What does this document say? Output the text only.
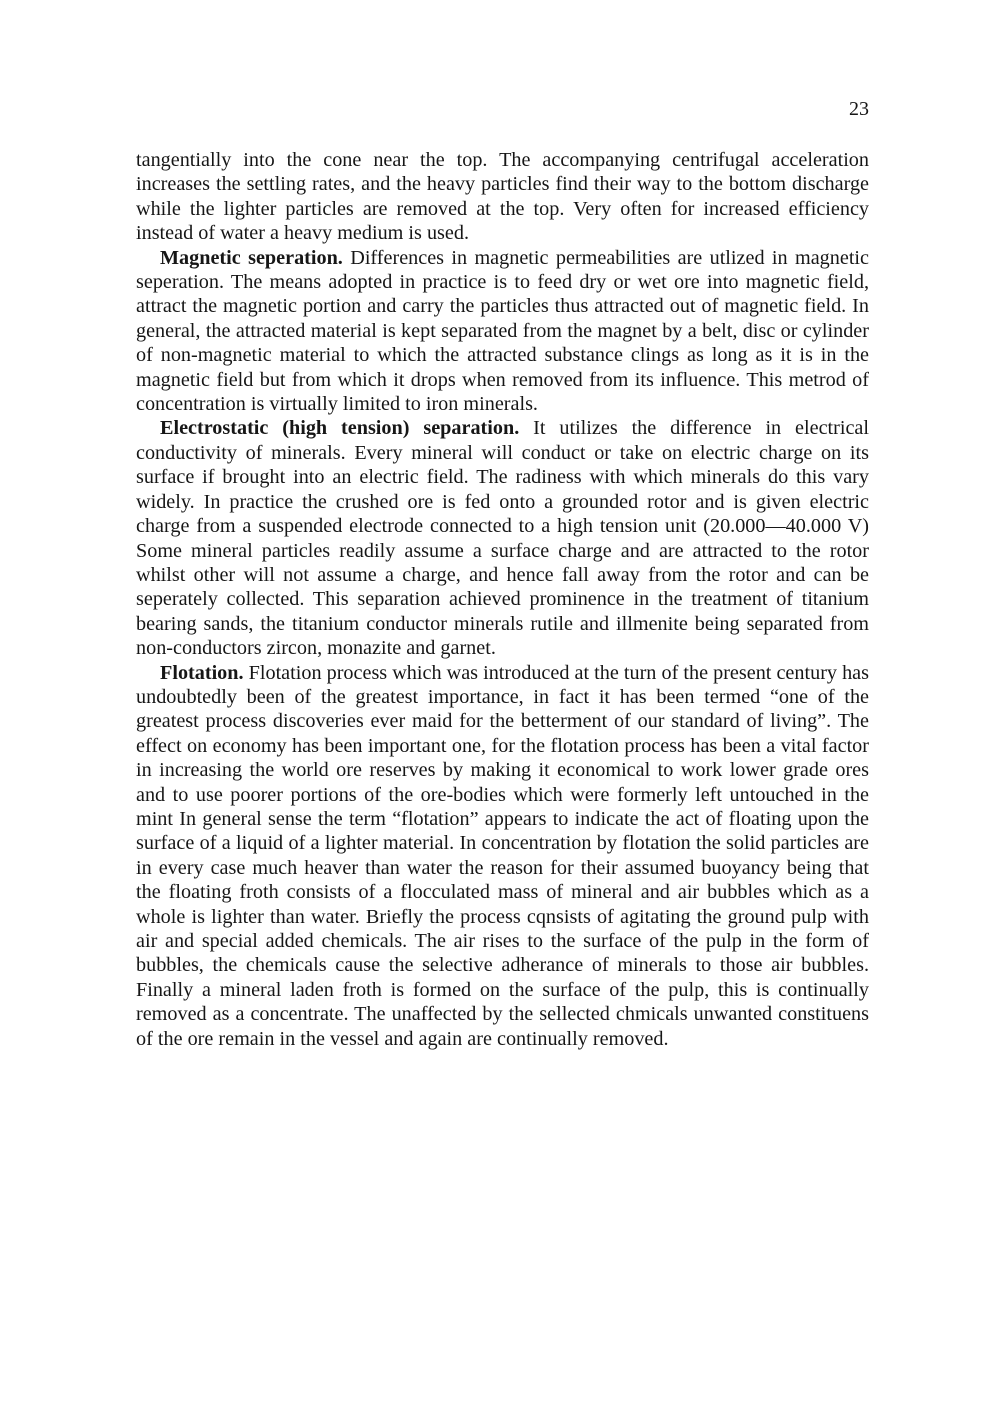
23

tangentially into the cone near the top. The accompanying centrifugal acceleration increases the settling rates, and the heavy particles find their way to the bottom discharge while the lighter particles are removed at the top. Very often for increased efficiency instead of water a heavy medium is used.

Magnetic seperation. Differences in magnetic permeabilities are utlized in magnetic seperation. The means adopted in practice is to feed dry or wet ore into magnetic field, attract the magnetic portion and carry the particles thus attracted out of magnetic field. In general, the attracted material is kept separated from the magnet by a belt, disc or cylinder of non-magnetic material to which the attracted substance clings as long as it is in the magnetic field but from which it drops when removed from its influence. This metrod of concentration is virtually limited to iron minerals.

Electrostatic (high tension) separation. It utilizes the difference in electrical conductivity of minerals. Every mineral will conduct or take on electric charge on its surface if brought into an electric field. The radiness with which minerals do this vary widely. In practice the crushed ore is fed onto a grounded rotor and is given electric charge from a suspended electrode connected to a high tension unit (20.000—40.000 V) Some mineral particles readily assume a surface charge and are attracted to the rotor whilst other will not assume a charge, and hence fall away from the rotor and can be seperately collected. This separation achieved prominence in the treatment of titanium bearing sands, the titanium conductor minerals rutile and illmenite being separated from non-conductors zircon, monazite and garnet.

Flotation. Flotation process which was introduced at the turn of the present century has undoubtedly been of the greatest importance, in fact it has been termed “one of the greatest process discoveries ever maid for the betterment of our standard of living”. The effect on economy has been important one, for the flotation process has been a vital factor in increasing the world ore reserves by making it economical to work lower grade ores and to use poorer portions of the ore-bodies which were formerly left untouched in the mint In general sense the term “flotation” appears to indicate the act of floating upon the surface of a liquid of a lighter material. In concentration by flotation the solid particles are in every case much heaver than water the reason for their assumed buoyancy being that the floating froth consists of a flocculated mass of mineral and air bubbles which as a whole is lighter than water. Briefly the process cqnsists of agitating the ground pulp with air and special added chemicals. The air rises to the surface of the pulp in the form of bubbles, the chemicals cause the selective adherance of minerals to those air bubbles. Finally a mineral laden froth is formed on the surface of the pulp, this is continually removed as a concentrate. The unaffected by the sellected chmicals unwanted constituens of the ore remain in the vessel and again are continually removed.
